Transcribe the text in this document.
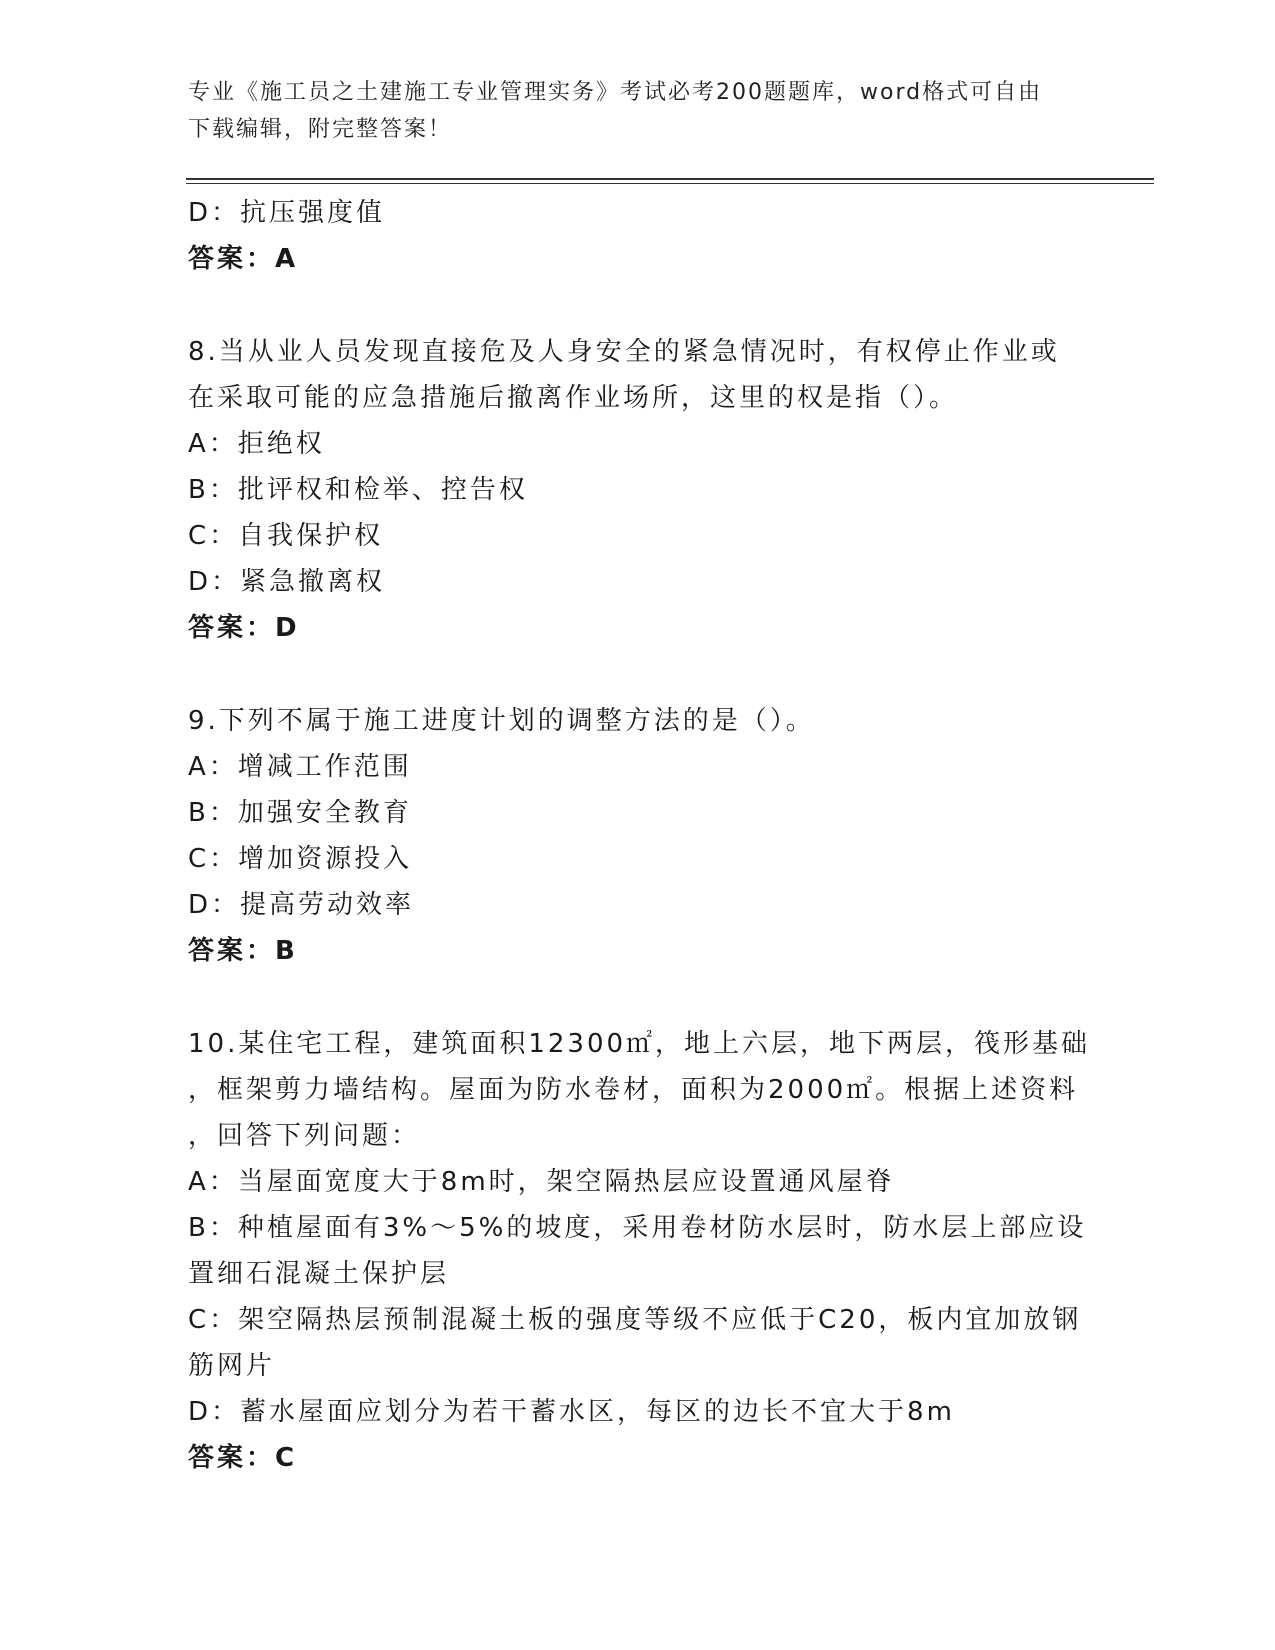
专业《施工员之土建施工专业管理实务》考试必考200题题库，word格式可自由
下载编辑，附完整答案！
D：抗压强度值
答案：A
8.当从业人员发现直接危及人身安全的紧急情况时，有权停止作业或
在采取可能的应急措施后撤离作业场所，这里的权是指（）。
A：拒绝权
B：批评权和检举、控告权
C：自我保护权
D：紧急撤离权
答案：D
9.下列不属于施工进度计划的调整方法的是（）。
A：增减工作范围
B：加强安全教育
C：增加资源投入
D：提高劳动效率
答案：B
10.某住宅工程，建筑面积12300㎡，地上六层，地下两层，筏形基础
，框架剪力墙结构。屋面为防水卷材，面积为2000㎡。根据上述资料
，回答下列问题：
A：当屋面宽度大于8m时，架空隔热层应设置通风屋脊
B：种植屋面有3%～5%的坡度，采用卷材防水层时，防水层上部应设
置细石混凝土保护层
C：架空隔热层预制混凝土板的强度等级不应低于C20，板内宜加放钢
筋网片
D：蓄水屋面应划分为若干蓄水区，每区的边长不宜大于8m
答案：C
